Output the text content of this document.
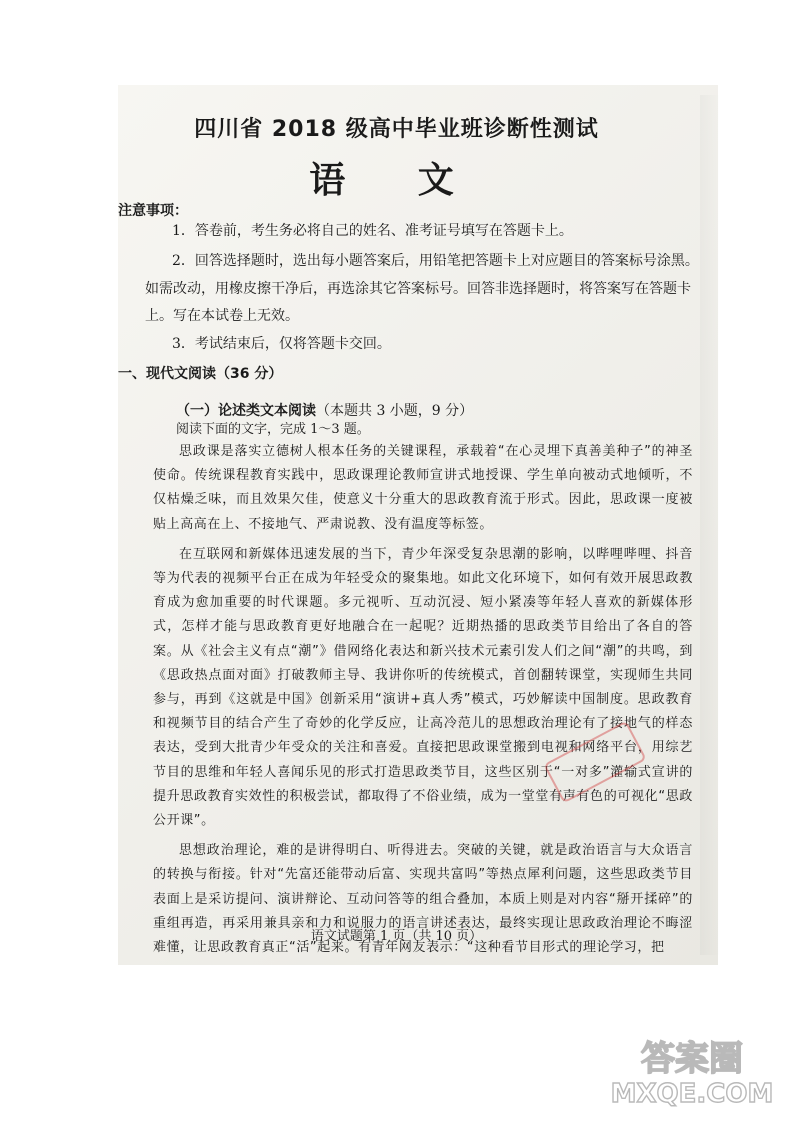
四川省 2018 级高中毕业班诊断性测试
语 文
注意事项：
1．答卷前，考生务必将自己的姓名、准考证号填写在答题卡上。
2．回答选择题时，选出每小题答案后，用铅笔把答题卡上对应题目的答案标号涂黑。
如需改动，用橡皮擦干净后，再选涂其它答案标号。回答非选择题时，将答案写在答题卡
上。写在本试卷上无效。
3．考试结束后，仅将答题卡交回。
一、现代文阅读（36 分）
（一）论述类文本阅读（本题共 3 小题，9 分）
阅读下面的文字，完成 1～3 题。

思政课是落实立德树人根本任务的关键课程，承载着“在心灵埋下真善美种子”的神圣使命。传统课程教育实践中，思政课理论教师宣讲式地授课、学生单向被动式地倾听，不仅枯燥乏味，而且效果欠佳，使意义十分重大的思政教育流于形式。因此，思政课一度被贴上高高在上、不接地气、严肃说教、没有温度等标签。

在互联网和新媒体迅速发展的当下，青少年深受复杂思潮的影响，以哔哩哔哩、抖音等为代表的视频平台正在成为年轻受众的聚集地。如此文化环境下，如何有效开展思政教育成为愈加重要的时代课题。多元视听、互动沉浸、短小紧凑等年轻人喜欢的新媒体形式，怎样才能与思政教育更好地融合在一起呢？近期热播的思政类节目给出了各自的答案。从《社会主义有点“潮”》借网络化表达和新兴技术元素引发人们之间“潮”的共鸣，到《思政热点面对面》打破教师主导、我讲你听的传统模式，首创翻转课堂，实现师生共同参与，再到《这就是中国》创新采用“演讲+真人秀”模式，巧妙解读中国制度。思政教育和视频节目的结合产生了奇妙的化学反应，让高冷范儿的思想政治理论有了接地气的样态表达，受到大批青少年受众的关注和喜爱。直接把思政课堂搬到电视和网络平台，用综艺节目的思维和年轻人喜闻乐见的形式打造思政类节目，这些区别于“一对多”灌输式宣讲的提升思政教育实效性的积极尝试，都取得了不俗业绩，成为一堂堂有声有色的可视化“思政公开课”。

思想政治理论，难的是讲得明白、听得进去。突破的关键，就是政治语言与大众语言的转换与衔接。针对“先富还能带动后富、实现共富吗”等热点犀利问题，这些思政类节目表面上是采访提问、演讲辩论、互动问答等的组合叠加，本质上则是对内容“掰开揉碎”的重组再造，再采用兼具亲和力和说服力的语言讲述表达，最终实现让思政政治理论不晦涩难懂，让思政教育真正“活”起来。有青年网友表示：“这种看节目形式的理论学习，把

语文试题第 1 页（共 10 页）
答案圈
MXQE.COM
